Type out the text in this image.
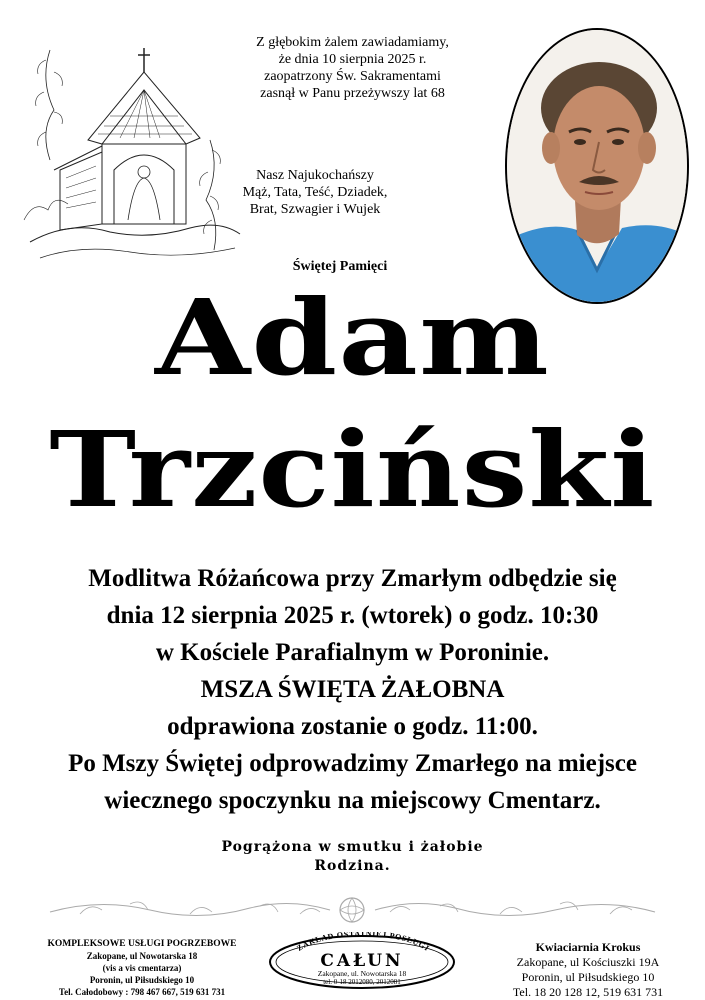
Z głębokim żalem zawiadamiamy,
że dnia 10 sierpnia 2025 r.
zaopatrzony Św. Sakramentami
zasnął w Panu przeżywszy lat 68
Nasz Najukochańszy
Mąż, Tata, Teść, Dziadek,
Brat, Szwagier i Wujek
Świętej Pamięci
Adam
Trzciński
Modlitwa Różańcowa przy Zmarłym odbędzie się
dnia 12 sierpnia 2025 r. (wtorek) o godz. 10:30
w Kościele Parafialnym w Poroninie.
MSZA ŚWIĘTA ŻAŁOBNA
odprawiona zostanie o godz. 11:00.
Po Mszy Świętej odprowadzimy Zmarłego na miejsce
wiecznego spoczynku na miejscowy Cmentarz.
Pogrążona w smutku i żałobie
Rodzina.
KOMPLEKSOWE USŁUGI POGRZEBOWE
Zakopane, ul Nowotarska 18
(vis a vis cmentarza)
Poronin, ul Piłsudskiego 10
Tel. Całodobowy : 798 467 667, 519 631 731
ZAKŁAD OSTATNIEJ POSŁUGI
CAŁUN
Zakopane, ul. Nowotarska 18
tel. 0-18 2012080, 2012081
Kwiaciarnia Krokus
Zakopane, ul Kościuszki 19A
Poronin, ul Piłsudskiego 10
Tel. 18 20 128 12, 519 631 731
